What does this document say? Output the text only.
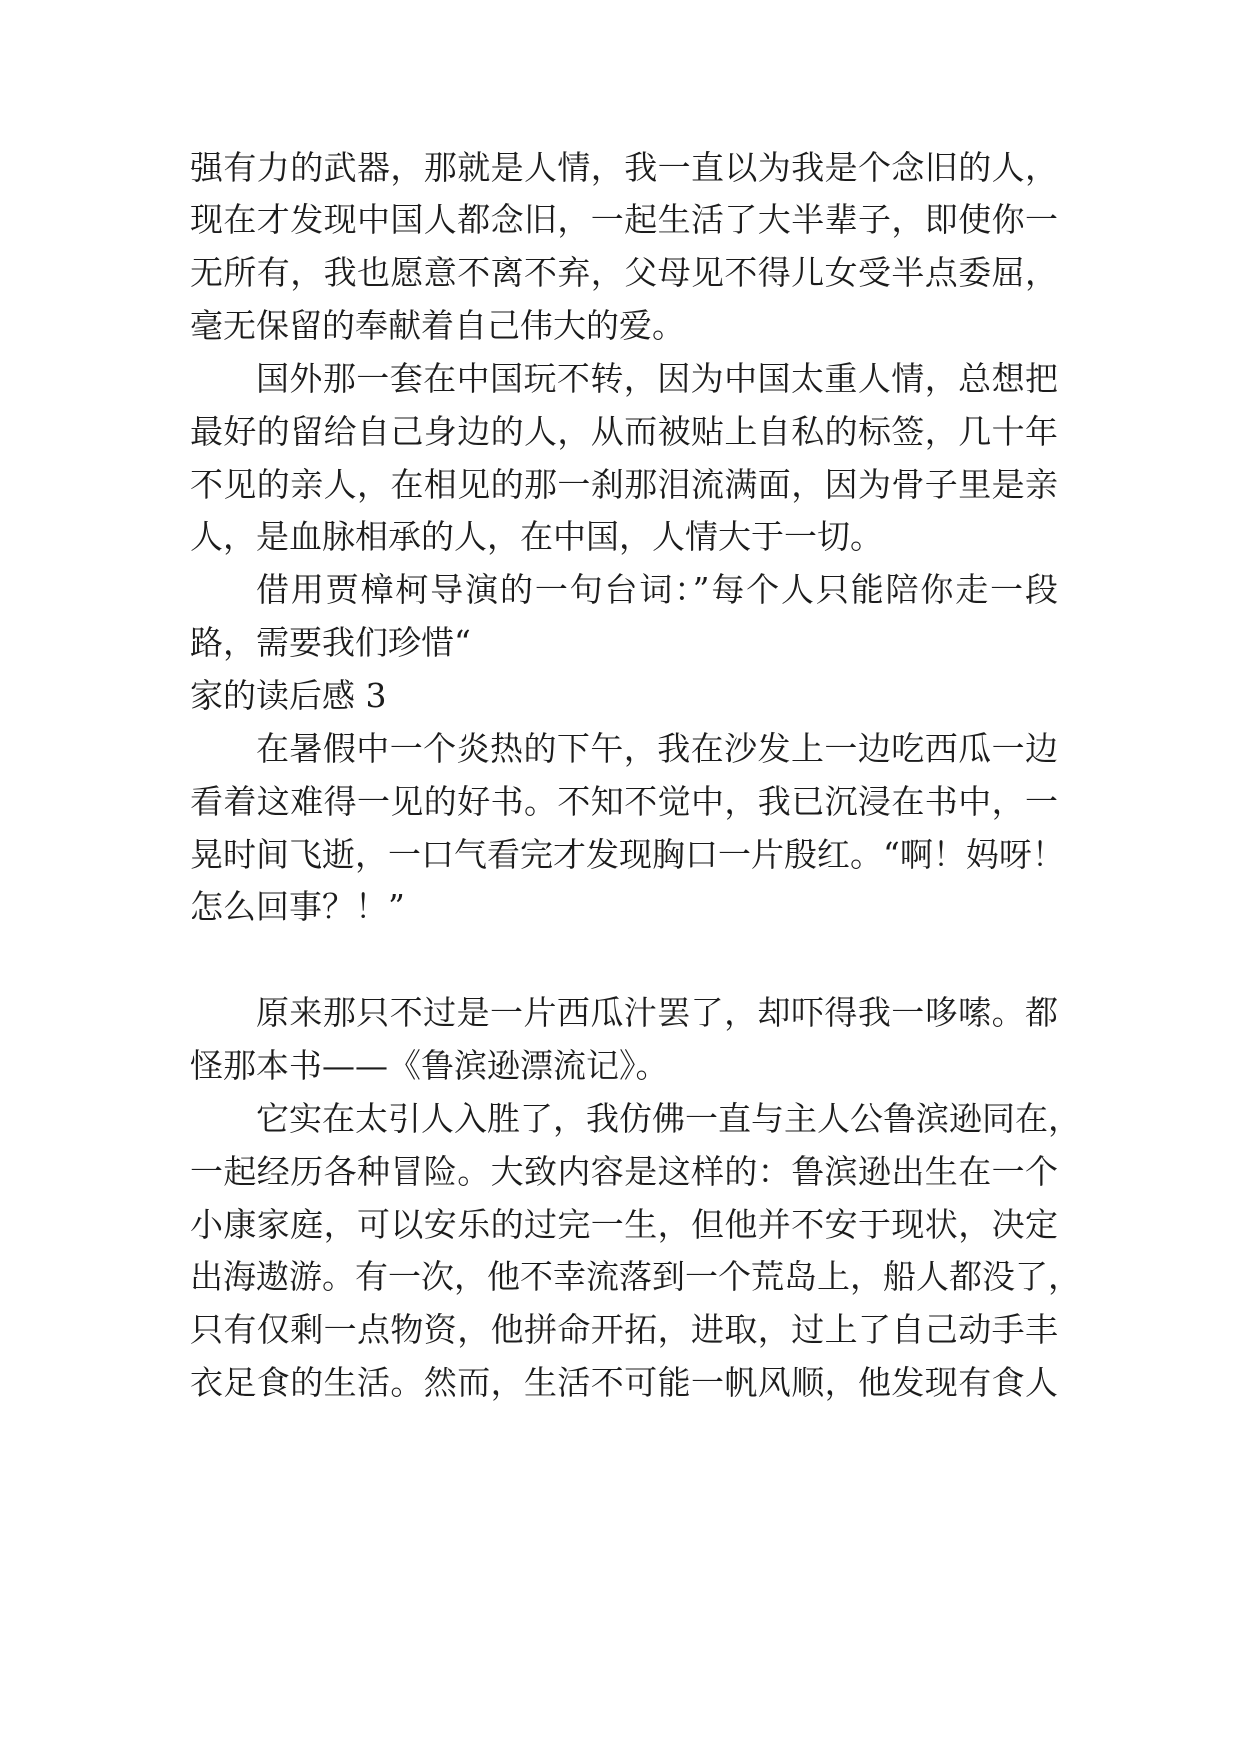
强有力的武器，那就是人情，我一直以为我是个念旧的人，
现在才发现中国人都念旧，一起生活了大半辈子，即使你一
无所有，我也愿意不离不弃，父母见不得儿女受半点委屈，
毫无保留的奉献着自己伟大的爱。
国外那一套在中国玩不转，因为中国太重人情，总想把
最好的留给自己身边的人，从而被贴上自私的标签，几十年
不见的亲人，在相见的那一刹那泪流满面，因为骨子里是亲
人，是血脉相承的人，在中国，人情大于一切。
借用贾樟柯导演的一句台词：”每个人只能陪你走一段
路，需要我们珍惜“
家的读后感 3
在暑假中一个炎热的下午，我在沙发上一边吃西瓜一边
看着这难得一见的好书。不知不觉中，我已沉浸在书中，一
晃时间飞逝，一口气看完才发现胸口一片殷红。“啊！妈呀！
怎么回事？！”
原来那只不过是一片西瓜汁罢了，却吓得我一哆嗦。都
怪那本书——《鲁滨逊漂流记》。
它实在太引人入胜了，我仿佛一直与主人公鲁滨逊同在，
一起经历各种冒险。大致内容是这样的：鲁滨逊出生在一个
小康家庭，可以安乐的过完一生，但他并不安于现状，决定
出海遨游。有一次，他不幸流落到一个荒岛上，船人都没了，
只有仅剩一点物资，他拼命开拓，进取，过上了自己动手丰
衣足食的生活。然而，生活不可能一帆风顺，他发现有食人
